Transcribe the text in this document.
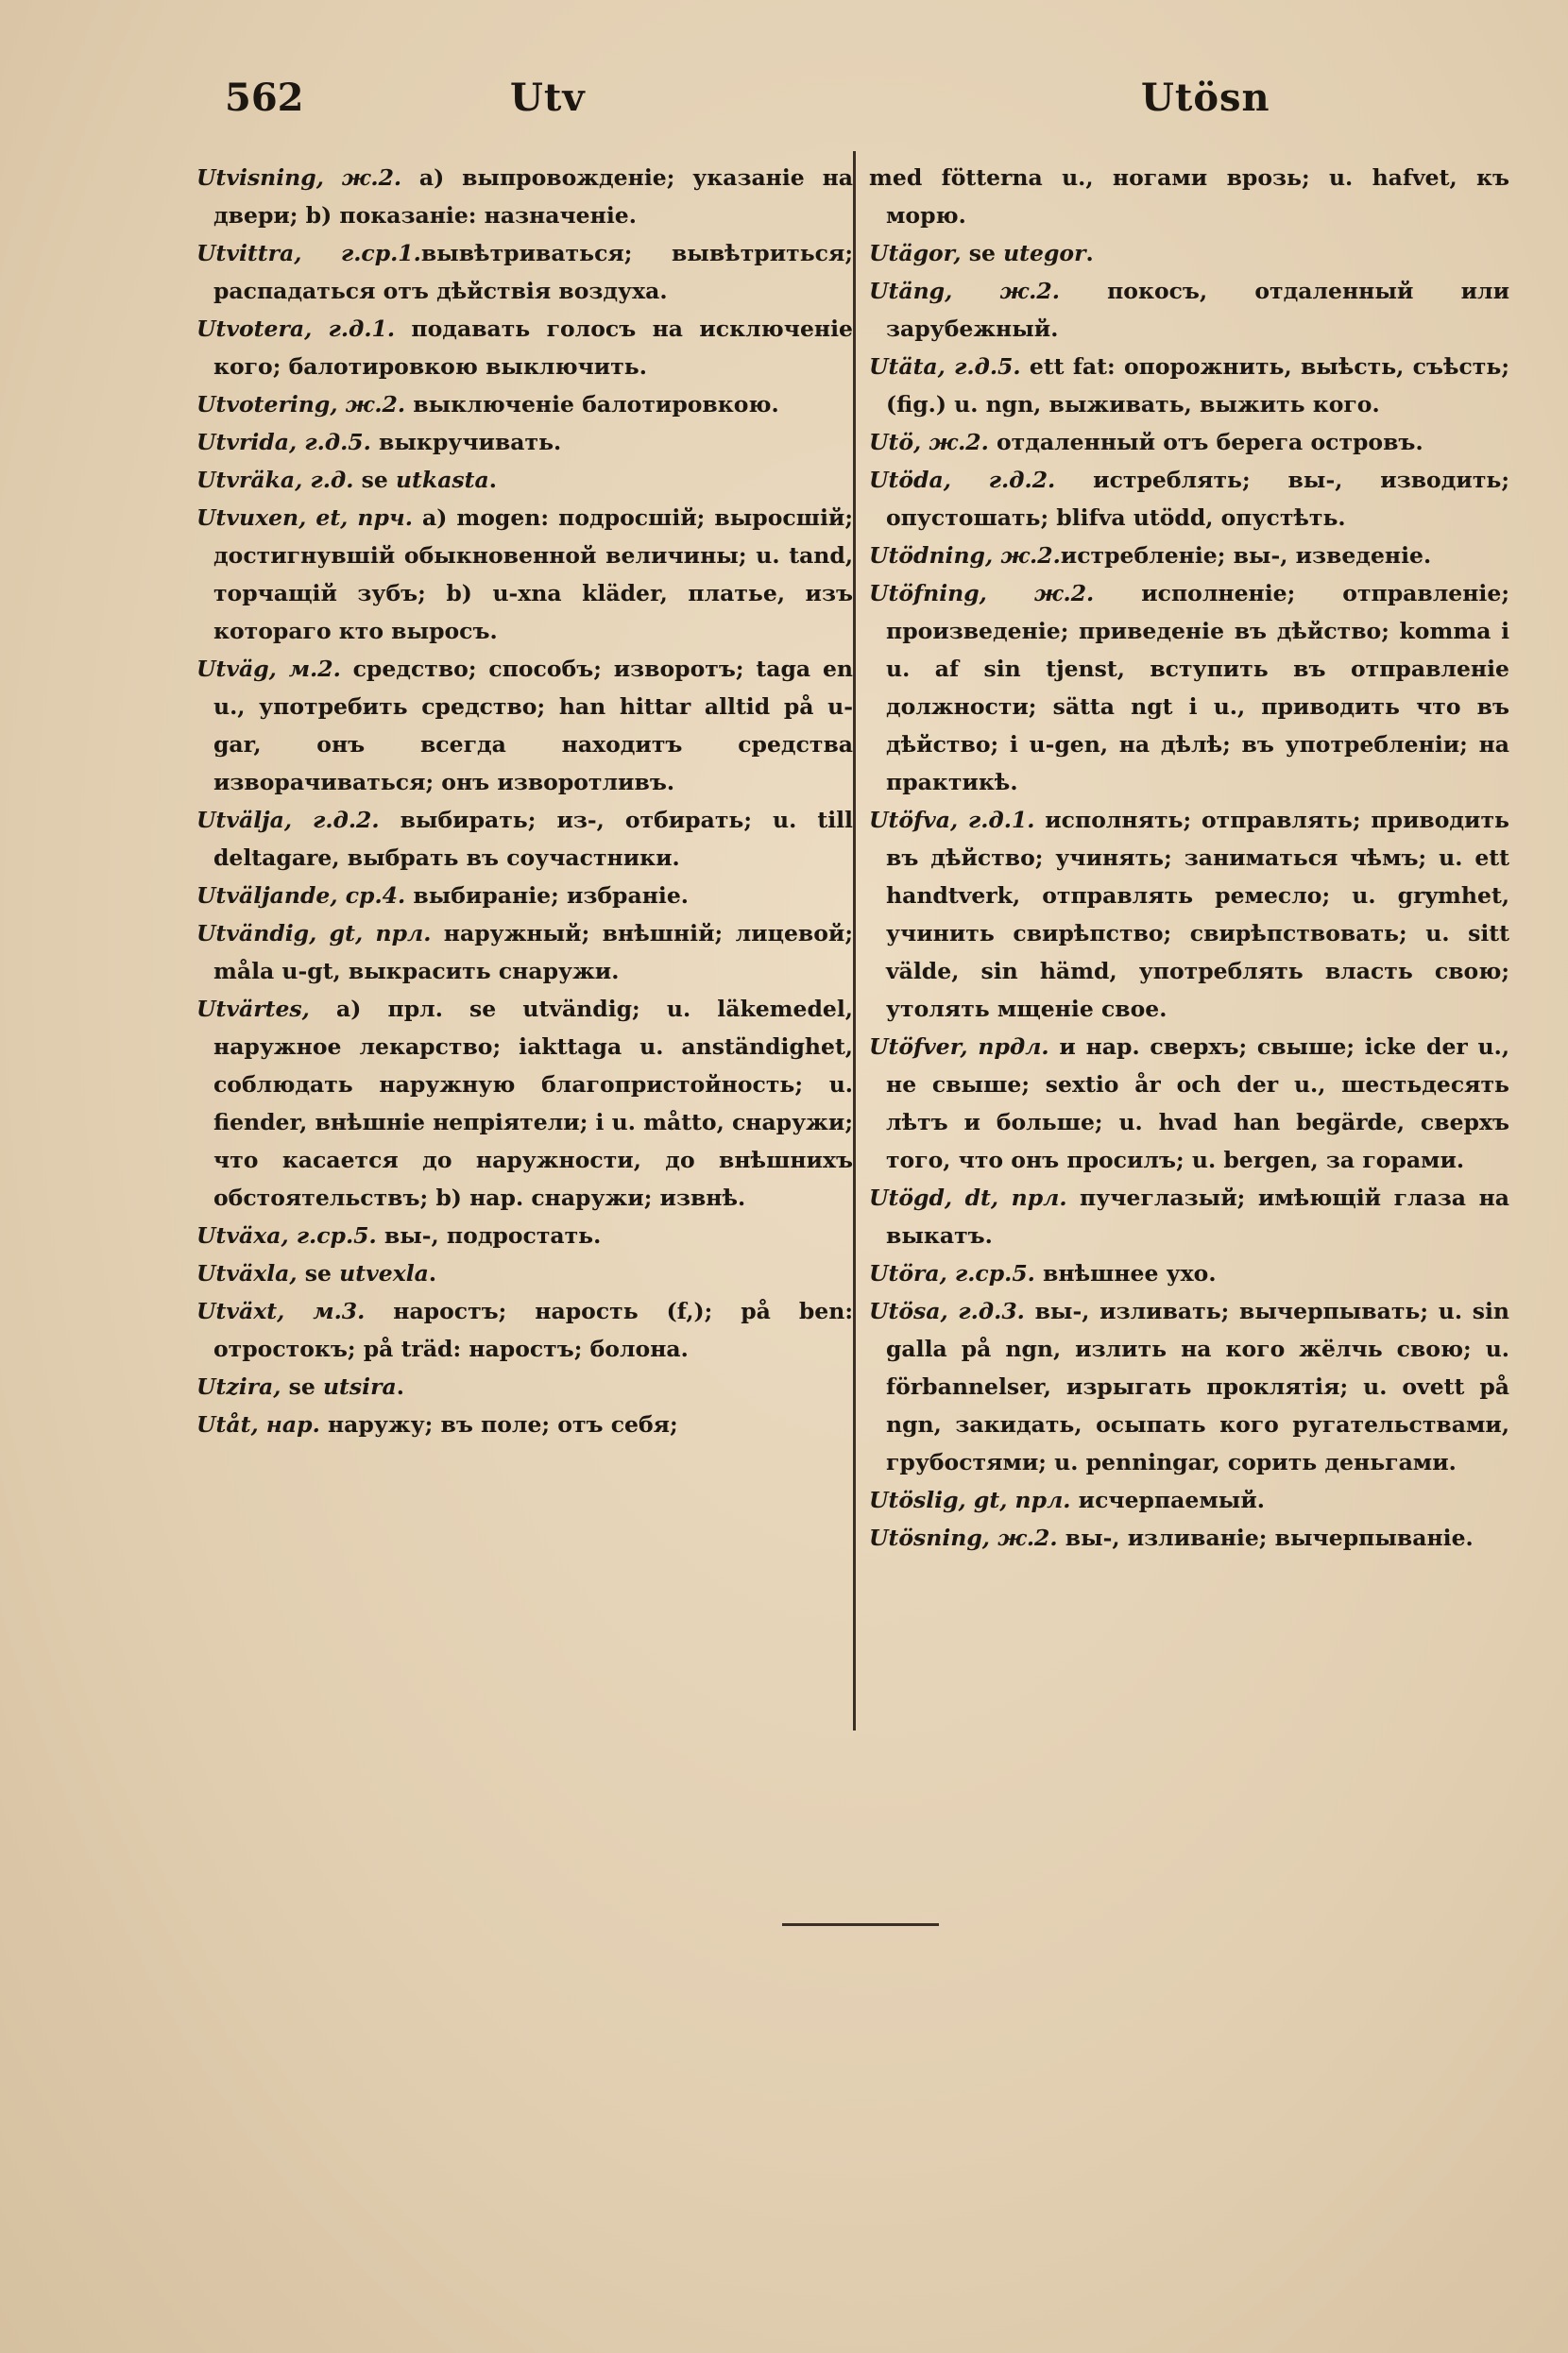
562	Utv	Utösn

Utvisning, ж.2. а) выпровожденіе; указаніе на двери; b) показаніе: назначеніе.

Utvittra, г.ср.1.вывѣтриваться; вывѣтриться; распадаться отъ дѣйствія воздуха.

Utvotera, г.д.1. подавать голосъ на исключеніе кого; балотировкою выключить.

Utvotering, ж.2. выключеніе балотировкою.

Utvrida, г.д.5. выкручивать.

Utvräka, г.д. se utkasta.

Utvuxen, et, прч. а) mogen: подросшій; выросшій; достигнувшій обыкновенной величины; u. tand, торчащій зубъ; b) u-xna kläder, платье, изъ котораго кто выросъ.

Utväg, м.2. средство; способъ; изворотъ; taga en u., употребить средство; han hittar alltid på u-gar, онъ всегда находитъ средства изворачиваться; онъ изворотливъ.

Utvälja, г.д.2. выбирать; из-, отбирать; u. till deltagare, выбрать въ соучастники.

Utväljande, ср.4. выбираніе; избраніе.

Utvändig, gt, прл. наружный; внѣшній; лицевой; måla u-gt, выкрасить снаружи.

Utvärtes, а) прл. se utvändig; u. läkemedel, наружное лекарство; iakttaga u. anständighet, соблюдать наружную благопристойность; u. fiender, внѣшніе непріятели; i u. måtto, снаружи; что касается до наружности, до внѣшнихъ обстоятельствъ; b) нар. снаружи; извнѣ.

Utväxa, г.ср.5. вы-, подростать.

Utväxla, se utvexla.

Utväxt, м.3. наростъ; нарость (f,); på ben: отростокъ; på träd: наростъ; болона.

Utzira, se utsira.

Utåt, нар. наружу; въ поле; отъ себя;

med fötterna u., ногами врозь; u. hafvet, къ морю.

Utägor, se utegor.

Utäng, ж.2. покосъ, отдаленный или зарубежный.

Utäta, г.д.5. ett fat: опорожнить, выѣсть, съѣсть; (fig.) u. ngn, выживать, выжить кого.

Utö, ж.2. отдаленный отъ берега островъ.

Utöda, г.д.2. истреблять; вы-, изводить; опустошать; blifva utödd, опустѣть.

Utödning, ж.2.истребленіе; вы-, изведеніе.

Utöfning, ж.2. исполненіе; отправленіе; произведеніе; приведеніе въ дѣйство; komma i u. af sin tjenst, вступить въ отправленіе должности; sätta ngt i u., приводить что въ дѣйство; i u-gen, на дѣлѣ; въ употребленіи; на практикѣ.

Utöfva, г.д.1. исполнять; отправлять; приводить въ дѣйство; учинять; заниматься чѣмъ; u. ett handtverk, отправлять ремесло; u. grymhet, учинить свирѣпство; свирѣпствовать; u. sitt välde, sin hämd, употреблять власть свою; утолять мщеніе свое.

Utöfver, прдл. и нар. сверхъ; свыше; icke der u., не свыше; sextio år och der u., шестьдесять лѣтъ и больше; u. hvad han begärde, сверхъ того, что онъ просилъ; u. bergen, за горами.

Utögd, dt, прл. пучеглазый; имѣющій глаза на выкатъ.

Utöra, г.ср.5. внѣшнее ухо.

Utösa, г.д.3. вы-, изливать; вычерпывать; u. sin galla på ngn, излить на кого жёлчь свою; u. förbannelser, изрыгать проклятія; u. ovett på ngn, закидать, осыпать кого ругательствами, грубостями; u. penningar, сорить деньгами.

Utöslig, gt, прл. исчерпаемый.

Utösning, ж.2. вы-, изливаніе; вычерпываніе.
